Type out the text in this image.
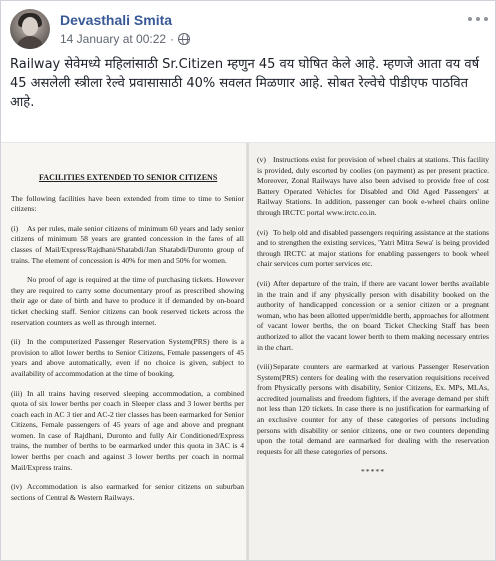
Devasthali Smita
14 January at 00:22 ·
Railway सेवेमध्ये महिलांसाठी Sr.Citizen म्हणुन 45 वय घोषित केले आहे. म्हणजे आता वय वर्ष 45 असलेली स्त्रीला रेल्वे प्रवासासाठी 40% सवलत मिळणार आहे. सोबत रेल्वेचे पीडीएफ पाठवित आहे.
FACILITIES EXTENDED TO SENIOR CITIZENS
The following facilities have been extended from time to time to Senior citizens:
(i) As per rules, male senior citizens of minimum 60 years and lady senior citizens of minimum 58 years are granted concession in the fares of all classes of Mail/Express/Rajdhani/Shatabdi/Jan Shatabdi/Duronto group of trains. The element of concession is 40% for men and 50% for women.
No proof of age is required at the time of purchasing tickets. However they are required to carry some documentary proof as prescribed showing their age or date of birth and have to produce it if demanded by on-board ticket checking staff. Senior citizens can book reserved tickets across the reservation counters as well as through internet.
(ii) In the computerized Passenger Reservation System(PRS) there is a provision to allot lower berths to Senior Citizens, Female passengers of 45 years and above automatically, even if no choice is given, subject to availability of accommodation at the time of booking.
(iii) In all trains having reserved sleeping accommodation, a combined quota of six lower berths per coach in Sleeper class and 3 lower berths per coach each in AC 3 tier and AC-2 tier classes has been earmarked for Senior Citizens, Female passengers of 45 years of age and above and pregnant women. In case of Rajdhani, Duronto and fully Air Conditioned/Express trains, the number of berths to be earmarked under this quota in 3AC is 4 lower berths per coach and against 3 lower berths per coach in normal Mail/Express trains.
(iv) Accommodation is also earmarked for senior citizens on suburban sections of Central & Western Railways.
(v) Instructions exist for provision of wheel chairs at stations. This facility is provided, duly escorted by coolies (on payment) as per present practice. Moreover, Zonal Railways have also been advised to provide free of cost Battery Operated Vehicles for Disabled and Old Aged Passengers' at Railway Stations. In addition, passenger can book e-wheel chairs online through IRCTC portal www.irctc.co.in.
(vi) To help old and disabled passengers requiring assistance at the stations and to strengthen the existing services, 'Yatri Mitra Sewa' is being provided through IRCTC at major stations for enabling passengers to book wheel chair services cum porter services etc.
(vii) After departure of the train, if there are vacant lower berths available in the train and if any physically person with disability booked on the authority of handicapped concession or a senior citizen or a pregnant woman, who has been allotted upper/middle berth, approaches for allotment of vacant lower berths, the on board Ticket Checking Staff has been authorized to allot the vacant lower berth to them making necessary entries in the chart.
(viii)Separate counters are earmarked at various Passenger Reservation System(PRS) centers for dealing with the reservation requisitions received from Physically persons with disability, Senior Citizens, Ex. MPs, MLAs, accredited journalists and freedom fighters, if the average demand per shift not less than 120 tickets. In case there is no justification for earmarking of an exclusive counter for any of these categories of persons including persons with disability or senior citizens, one or two counters depending upon the total demand are earmarked for dealing with the reservation requests for all these categories of persons.
*****
